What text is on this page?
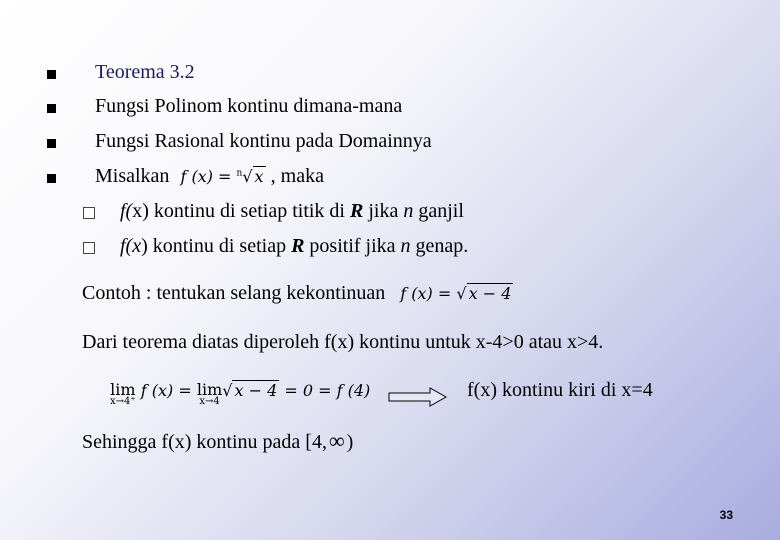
Teorema 3.2
Fungsi Polinom kontinu dimana-mana
Fungsi Rasional kontinu pada Domainnya
Misalkan f (x) = $^n$√ x , maka
f(x) kontinu di setiap titik di R jika n ganjil
f(x) kontinu di setiap R positif jika n genap.
Contoh : tentukan selang kekontinuan f (x) = √ x − 4
Dari teorema diatas diperoleh f(x) kontinu untuk x-4>0 atau x>4.
lim
x→4⁺
f (x) = lim
x→4
√ x − 4 = 0 = f (4)	f(x) kontinu kiri di x=4
Sehingga f(x) kontinu pada [4,∞ )
33
